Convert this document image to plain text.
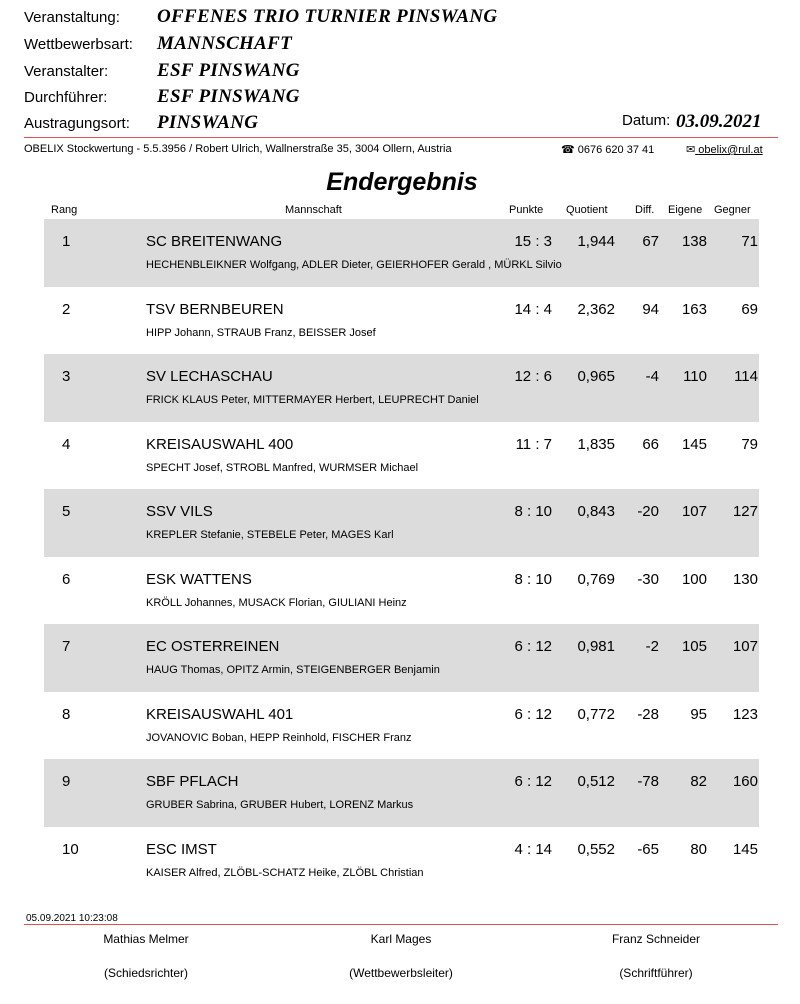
Veranstaltung:	OFFENES TRIO TURNIER PINSWANG
Wettbewerbsart:	MANNSCHAFT
Veranstalter:	ESF PINSWANG
Durchführer:	ESF PINSWANG
Austragungsort:	PINSWANG	Datum: 03.09.2021
OBELIX Stockwertung - 5.5.3956 / Robert Ulrich, Wallnerstraße 35, 3004 Ollern, Austria	☎ 0676 620 37 41	✉ obelix@rul.at
Endergebnis
Rang	Mannschaft	Punkte Quotient Diff. Eigene Gegner
1	SC BREITENWANG	15 : 3 1,944 67 138 71
HECHENBLEIKNER Wolfgang, ADLER Dieter, GEIERHOFER Gerald , MÜRKL Silvio
2	TSV BERNBEUREN	14 : 4 2,362 94 163 69
HIPP Johann, STRAUB Franz, BEISSER Josef
3	SV LECHASCHAU	12 : 6 0,965 -4 110 114
FRICK KLAUS Peter, MITTERMAYER Herbert, LEUPRECHT Daniel
4	KREISAUSWAHL 400	11 : 7 1,835 66 145 79
SPECHT Josef, STROBL Manfred, WURMSER Michael
5	SSV VILS	8 : 10 0,843 -20 107 127
KREPLER Stefanie, STEBELE Peter, MAGES Karl
6	ESK WATTENS	8 : 10 0,769 -30 100 130
KRÖLL Johannes, MUSACK Florian, GIULIANI Heinz
7	EC OSTERREINEN	6 : 12 0,981 -2 105 107
HAUG Thomas, OPITZ Armin, STEIGENBERGER Benjamin
8	KREISAUSWAHL 401	6 : 12 0,772 -28 95 123
JOVANOVIC Boban, HEPP Reinhold, FISCHER Franz
9	SBF PFLACH	6 : 12 0,512 -78 82 160
GRUBER Sabrina, GRUBER Hubert, LORENZ Markus
10	ESC IMST	4 : 14 0,552 -65 80 145
KAISER Alfred, ZLÖBL-SCHATZ Heike, ZLÖBL Christian
05.09.2021 10:23:08
Mathias Melmer
(Schiedsrichter)
Karl Mages
(Wettbewerbsleiter)
Franz Schneider
(Schriftführer)
